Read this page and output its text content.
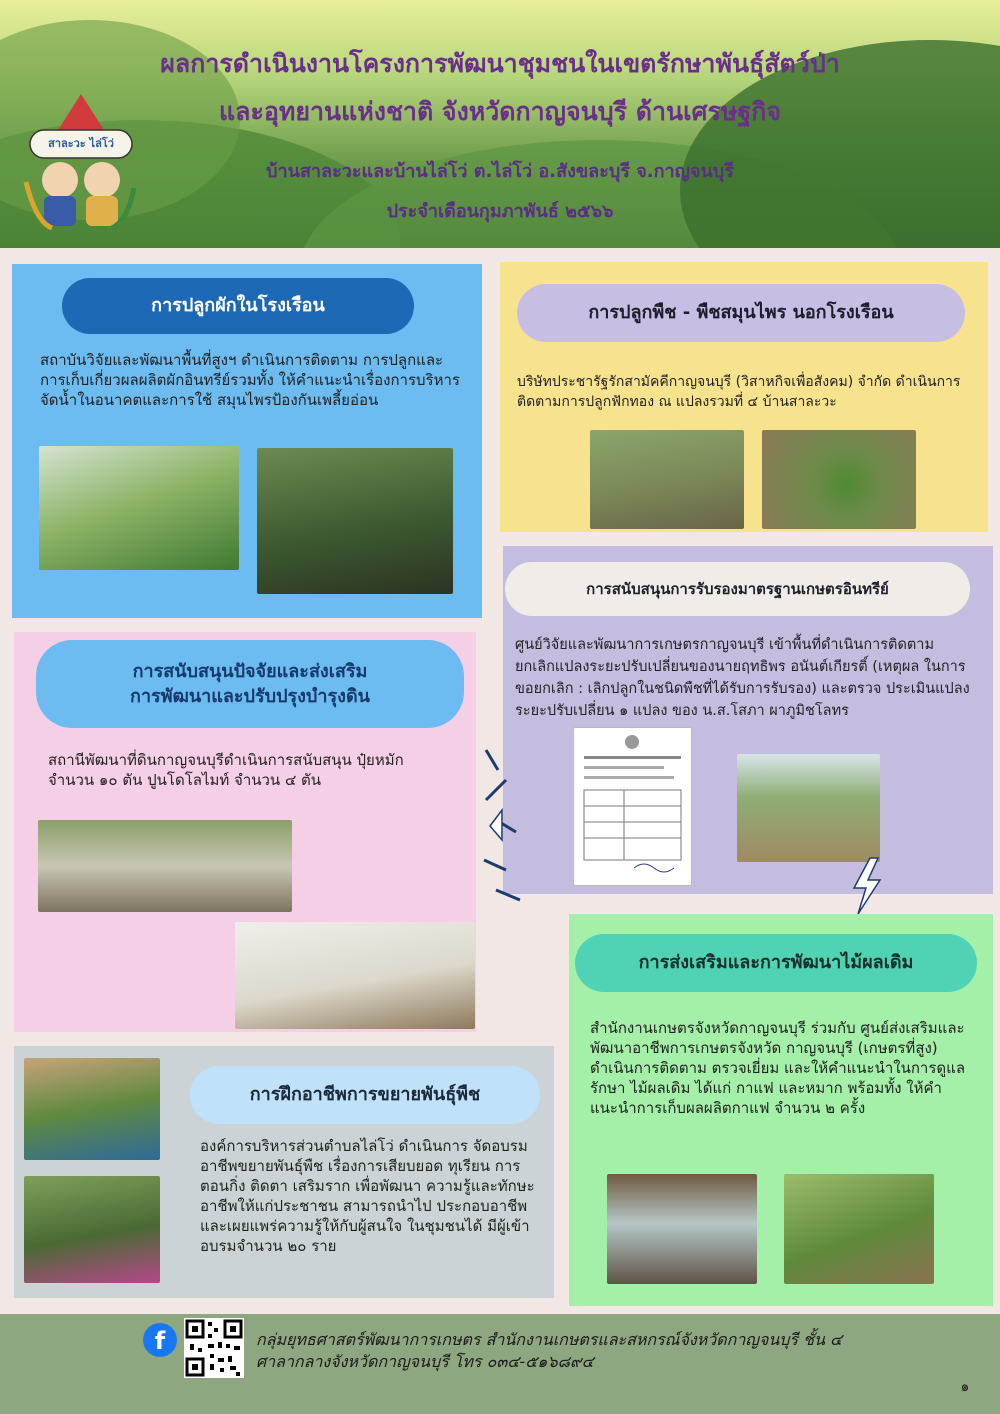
สาละวะ ไล่โว่
ผลการดำเนินงานโครงการพัฒนาชุมชนในเขตรักษาพันธุ์สัตว์ป่า
และอุทยานแห่งชาติ จังหวัดกาญจนบุรี ด้านเศรษฐกิจ
บ้านสาละวะและบ้านไล่โว่ ต.ไล่โว่ อ.สังขละบุรี จ.กาญจนบุรี
ประจำเดือนกุมภาพันธ์ ๒๕๖๖
การปลูกผักในโรงเรือน
สถาบันวิจัยและพัฒนาพื้นที่สูงฯ ดำเนินการติดตาม การปลูกและการเก็บเกี่ยวผลผลิตผักอินทรีย์รวมทั้ง ให้คำแนะนำเรื่องการบริหารจัดน้ำในอนาคตและการใช้ สมุนไพรป้องกันเพลี้ยอ่อน
การปลูกพืช - พืชสมุนไพร นอกโรงเรือน
บริษัทประชารัฐรักสามัคคีกาญจนบุรี (วิสาหกิจเพื่อสังคม) จำกัด ดำเนินการติดตามการปลูกฟักทอง ณ แปลงรวมที่ ๔ บ้านสาละวะ
การสนับสนุนการรับรองมาตรฐานเกษตรอินทรีย์
ศูนย์วิจัยและพัฒนาการเกษตรกาญจนบุรี เข้าพื้นที่ดำเนินการติดตาม ยกเลิกแปลงระยะปรับเปลี่ยนของนายฤทธิพร อนันต์เกียรติ์ (เหตุผล ในการขอยกเลิก : เลิกปลูกในชนิดพืชที่ได้รับการรับรอง) และตรวจ ประเมินแปลงระยะปรับเปลี่ยน ๑ แปลง ของ น.ส.โสภา ผาภูมิชโลทร
การสนับสนุนปัจจัยและส่งเสริม
การพัฒนาและปรับปรุงบำรุงดิน
สถานีพัฒนาที่ดินกาญจนบุรีดำเนินการสนับสนุน ปุ๋ยหมัก จำนวน ๑๐ ตัน ปูนโดโลไมท์ จำนวน ๔ ตัน
การส่งเสริมและการพัฒนาไม้ผลเดิม
สำนักงานเกษตรจังหวัดกาญจนบุรี ร่วมกับ ศูนย์ส่งเสริมและพัฒนาอาชีพการเกษตรจังหวัด กาญจนบุรี (เกษตรที่สูง) ดำเนินการติดตาม ตรวจเยี่ยม และให้คำแนะนำในการดูแลรักษา ไม้ผลเดิม ได้แก่ กาแฟ และหมาก พร้อมทั้ง ให้คำแนะนำการเก็บผลผลิตกาแฟ จำนวน ๒ ครั้ง
การฝึกอาชีพการขยายพันธุ์พืช
องค์การบริหารส่วนตำบลไล่โว่ ดำเนินการ จัดอบรมอาชีพขยายพันธุ์พืช เรื่องการเสียบยอด ทุเรียน การตอนกิ่ง ติดตา เสริมราก เพื่อพัฒนา ความรู้และทักษะอาชีพให้แก่ประชาชน สามารถนำไป ประกอบอาชีพและเผยแพร่ความรู้ให้กับผู้สนใจ ในชุมชนได้ มีผู้เข้าอบรมจำนวน ๒๐ ราย
f	กลุ่มยุทธศาสตร์พัฒนาการเกษตร สำนักงานเกษตรและสหกรณ์จังหวัดกาญจนบุรี ชั้น ๔
ศาลากลางจังหวัดกาญจนบุรี โทร ๐๓๔-๕๑๖๘๙๔
๑
